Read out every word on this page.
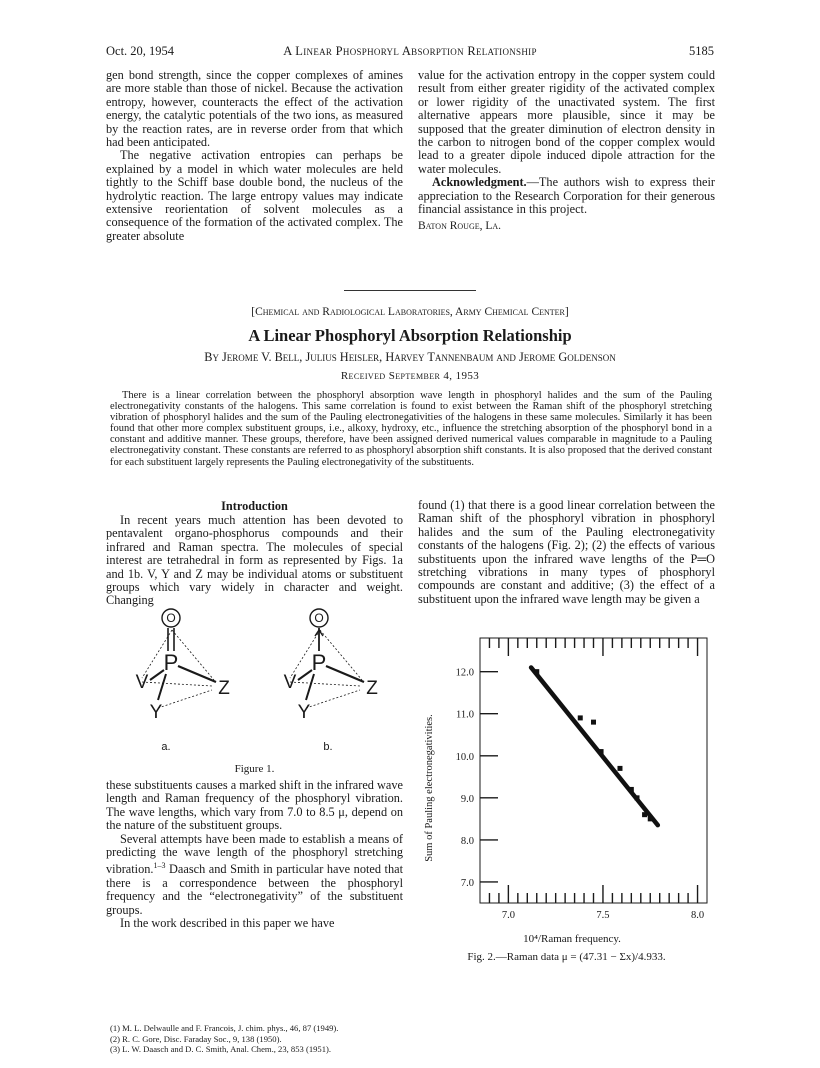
Oct. 20, 1954	A Linear Phosphoryl Absorption Relationship	5185

gen bond strength, since the copper complexes of amines are more stable than those of nickel. Because the activation entropy, however, counteracts the effect of the activation energy, the catalytic potentials of the two ions, as measured by the reaction rates, are in reverse order from that which had been anticipated.

The negative activation entropies can perhaps be explained by a model in which water molecules are held tightly to the Schiff base double bond, the nucleus of the hydrolytic reaction. The large entropy values may indicate extensive reorientation of solvent molecules as a consequence of the formation of the activated complex. The greater absolute

value for the activation entropy in the copper system could result from either greater rigidity of the activated complex or lower rigidity of the unactivated system. The first alternative appears more plausible, since it may be supposed that the greater diminution of electron density in the carbon to nitrogen bond of the copper complex would lead to a greater dipole induced dipole attraction for the water molecules.

Acknowledgment.—The authors wish to express their appreciation to the Research Corporation for their generous financial assistance in this project.

Baton Rouge, La.

[Chemical and Radiological Laboratories, Army Chemical Center]
A Linear Phosphoryl Absorption Relationship
By Jerome V. Bell, Julius Heisler, Harvey Tannenbaum and Jerome Goldenson
Received September 4, 1953
There is a linear correlation between the phosphoryl absorption wave length in phosphoryl halides and the sum of the Pauling electronegativity constants of the halogens. This same correlation is found to exist between the Raman shift of the phosphoryl stretching vibration of phosphoryl halides and the sum of the Pauling electronegativities of the halogens in these same molecules. Similarly it has been found that other more complex substituent groups, i.e., alkoxy, hydroxy, etc., influence the stretching absorption of the phosphoryl bond in a constant and additive manner. These groups, therefore, have been assigned derived numerical values comparable in magnitude to a Pauling electronegativity constant. These constants are referred to as phosphoryl absorption shift constants. It is also proposed that the derived constant for each substituent largely represents the Pauling electronegativity of the substituents.
Introduction

In recent years much attention has been devoted to pentavalent organo-phosphorus compounds and their infrared and Raman spectra. The molecules of special interest are tetrahedral in form as represented by Figs. 1a and 1b. V, Y and Z may be individual atoms or substituent groups which vary widely in character and weight. Changing

O
P
V
Y
Z
O
P
V
Y
Z
a.	b.
Figure 1.

these substituents causes a marked shift in the infrared wave length and Raman frequency of the phosphoryl vibration. The wave lengths, which vary from 7.0 to 8.5 μ, depend on the nature of the substituent groups.

Several attempts have been made to establish a means of predicting the wave length of the phosphoryl stretching vibration.$^{1-3}$ Daasch and Smith in particular have noted that there is a correspondence between the phosphoryl frequency and the “electronegativity” of the substituent groups.

In the work described in this paper we have

(1) M. L. Delwaulle and F. Francois, J. chim. phys., 46, 87 (1949).

(2) R. C. Gore, Disc. Faraday Soc., 9, 138 (1950).

(3) L. W. Daasch and D. C. Smith, Anal. Chem., 23, 853 (1951).

found (1) that there is a good linear correlation between the Raman shift of the phosphoryl vibration in phosphoryl halides and the sum of the Pauling electronegativity constants of the halogens (Fig. 2); (2) the effects of various substituents upon the infrared wave lengths of the P═O stretching vibrations in many types of phosphoryl compounds are constant and additive; (3) the effect of a substituent upon the infrared wave length may be given a

7.0
8.0
9.0
10.0
11.0
12.0
7.0	7.5	8.0
Sum of Pauling electronegativities.
10⁴/Raman frequency.
Fig. 2.—Raman data μ = (47.31 − Σx)/4.933.
